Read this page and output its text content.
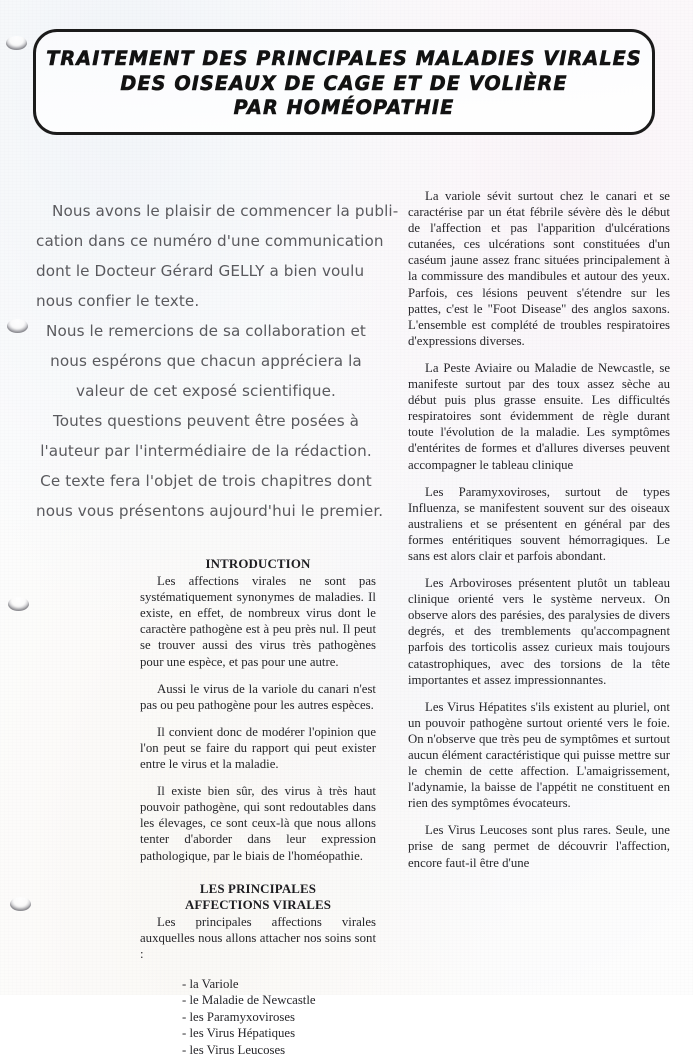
TRAITEMENT DES PRINCIPALES MALADIES VIRALES
DES OISEAUX DE CAGE ET DE VOLIÈRE
PAR HOMÉOPATHIE
Nous avons le plaisir de commencer la publi-
cation dans ce numéro d'une communication
dont le Docteur Gérard GELLY a bien voulu
nous confier le texte.
Nous le remercions de sa collaboration et
nous espérons que chacun appréciera la
valeur de cet exposé scientifique.
Toutes questions peuvent être posées à
l'auteur par l'intermédiaire de la rédaction.
Ce texte fera l'objet de trois chapitres dont
nous vous présentons aujourd'hui le premier.
INTRODUCTION

Les affections virales ne sont pas systématiquement synonymes de maladies. Il existe, en effet, de nombreux virus dont le caractère pathogène est à peu près nul. Il peut se trouver aussi des virus très pathogènes pour une espèce, et pas pour une autre.

Aussi le virus de la variole du canari n'est pas ou peu pathogène pour les autres espèces.

Il convient donc de modérer l'opinion que l'on peut se faire du rapport qui peut exister entre le virus et la maladie.

Il existe bien sûr, des virus à très haut pouvoir pathogène, qui sont redoutables dans les élevages, ce sont ceux-là que nous allons tenter d'aborder dans leur expression pathologique, par le biais de l'homéopathie.

LES PRINCIPALES
AFFECTIONS VIRALES

Les principales affections virales auxquelles nous allons attacher nos soins sont :

- la Variole
- le Maladie de Newcastle
- les Paramyxoviroses
- les Virus Hépatiques
- les Virus Leucoses

La variole sévit surtout chez le canari et se caractérise par un état fébrile sévère dès le début de l'affection et pas l'apparition d'ulcérations cutanées, ces ulcérations sont constituées d'un caséum jaune assez franc situées principalement à la commissure des mandibules et autour des yeux. Parfois, ces lésions peuvent s'étendre sur les pattes, c'est le "Foot Disease" des anglos saxons. L'ensemble est complété de troubles respiratoires d'expressions diverses.

La Peste Aviaire ou Maladie de Newcastle, se manifeste surtout par des toux assez sèche au début puis plus grasse ensuite. Les difficultés respiratoires sont évidemment de règle durant toute l'évolution de la maladie. Les symptômes d'entérites de formes et d'allures diverses peuvent accompagner le tableau clinique

Les Paramyxoviroses, surtout de types Influenza, se manifestent souvent sur des oiseaux australiens et se présentent en général par des formes entéritiques souvent hémorragiques. Le sans est alors clair et parfois abondant.

Les Arboviroses présentent plutôt un tableau clinique orienté vers le système nerveux. On observe alors des parésies, des paralysies de divers degrés, et des tremblements qu'accompagnent parfois des torticolis assez curieux mais toujours catastrophiques, avec des torsions de la tête importantes et assez impressionnantes.

Les Virus Hépatites s'ils existent au pluriel, ont un pouvoir pathogène surtout orienté vers le foie. On n'observe que très peu de symptômes et surtout aucun élément caractéristique qui puisse mettre sur le chemin de cette affection. L'amaigrissement, l'adynamie, la baisse de l'appétit ne constituent en rien des symptômes évocateurs.

Les Virus Leucoses sont plus rares. Seule, une prise de sang permet de découvrir l'affection, encore faut-il être d'une
